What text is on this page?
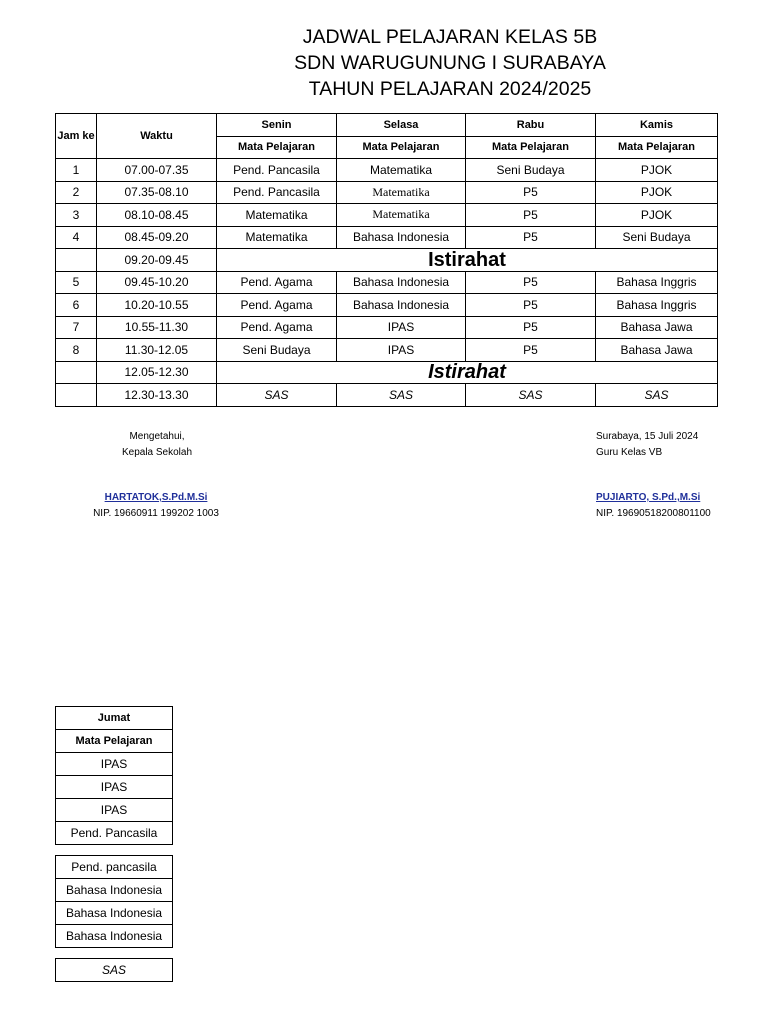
JADWAL PELAJARAN KELAS 5B
SDN WARUGUNUNG I SURABAYA
TAHUN PELAJARAN 2024/2025
Jam ke	Waktu	Senin	Selasa	Rabu	Kamis
		Mata Pelajaran	Mata Pelajaran	Mata Pelajaran	Mata Pelajaran
1	07.00-07.35	Pend. Pancasila	Matematika	Seni Budaya	PJOK
2	07.35-08.10	Pend. Pancasila	Matematika	P5	PJOK
3	08.10-08.45	Matematika	Matematika	P5	PJOK
4	08.45-09.20	Matematika	Bahasa Indonesia	P5	Seni Budaya
	09.20-09.45	Istirahat			
5	09.45-10.20	Pend. Agama	Bahasa Indonesia	P5	Bahasa Inggris
6	10.20-10.55	Pend. Agama	Bahasa Indonesia	P5	Bahasa Inggris
7	10.55-11.30	Pend. Agama	IPAS	P5	Bahasa Jawa
8	11.30-12.05	Seni Budaya	IPAS	P5	Bahasa Jawa
	12.05-12.30	Istirahat			
	12.30-13.30	SAS	SAS	SAS	SAS
Mengetahui,
Kepala Sekolah
HARTATOK,S.Pd.M.Si
NIP. 19660911 199202 1003
Surabaya, 15 Juli 2024
Guru Kelas VB
PUJIARTO, S.Pd.,M.Si
NIP. 19690518200801100
Jumat
Mata Pelajaran
IPAS
IPAS
IPAS
Pend. Pancasila

Pend. pancasila
Bahasa Indonesia
Bahasa Indonesia
Bahasa Indonesia

SAS
